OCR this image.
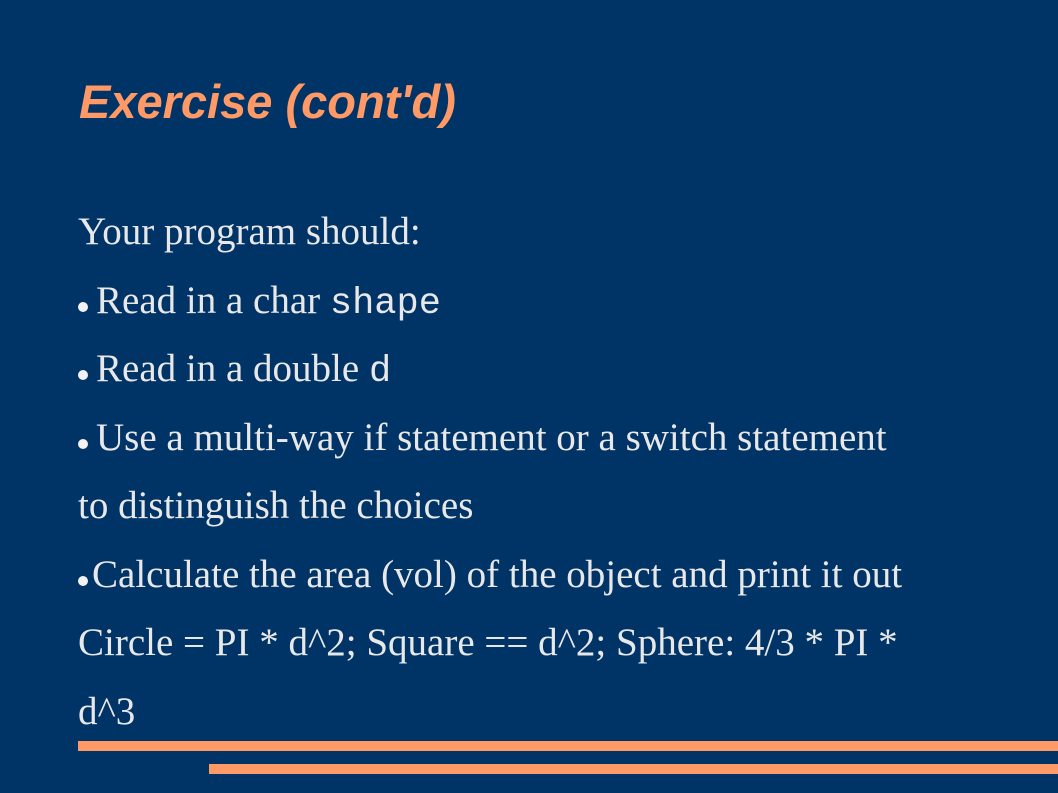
Exercise (cont'd)
Your program should:
Read in a char shape
Read in a double d
Use a multi-way if statement or a switch statement
to distinguish the choices
Calculate the area (vol) of the object and print it out
Circle = PI * d^2; Square == d^2; Sphere: 4/3 * PI *
d^3
